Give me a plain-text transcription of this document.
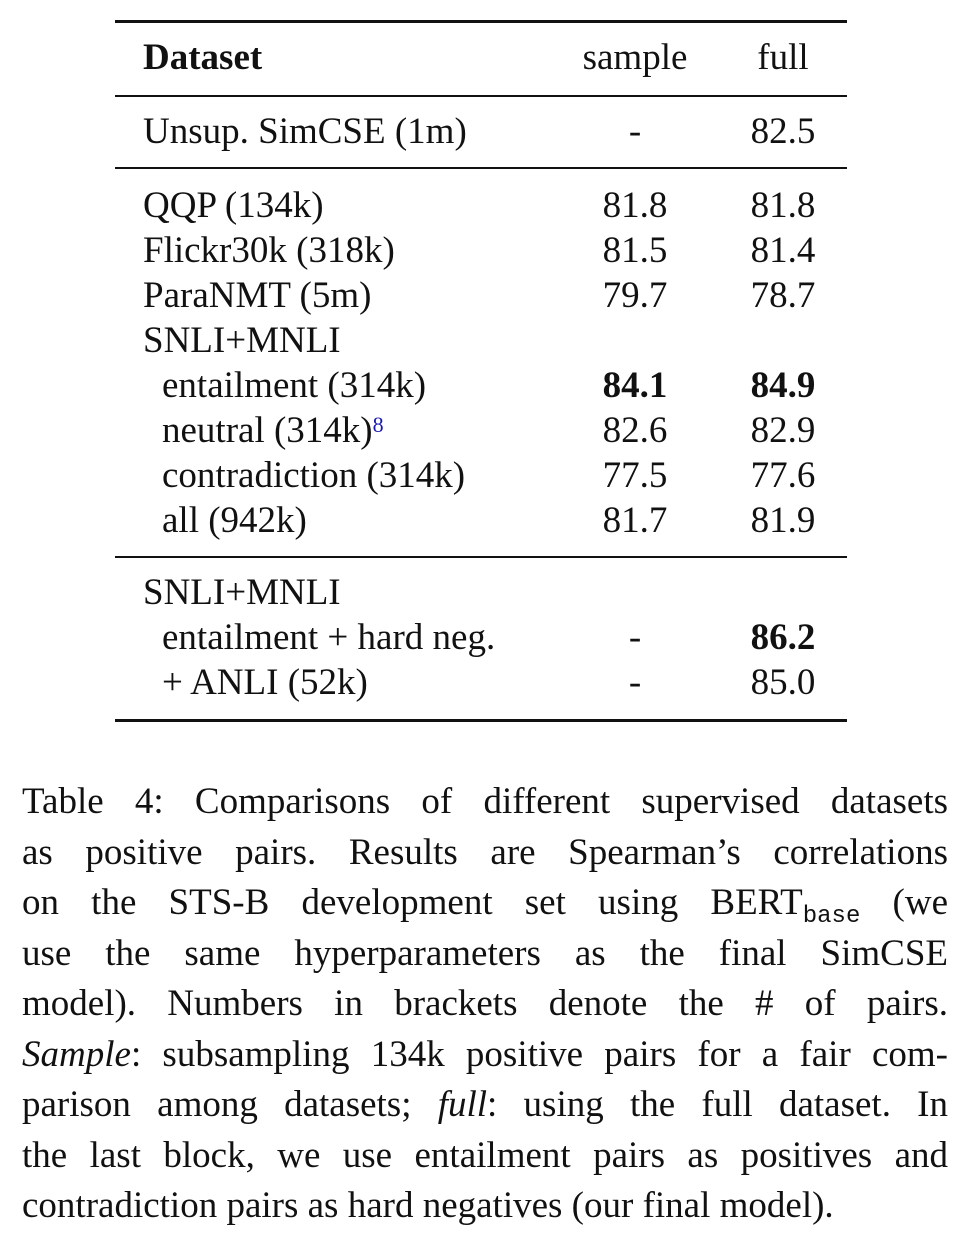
Dataset	sample	full
Unsup. SimCSE (1m)	-	82.5
QQP (134k)	81.8	81.8
Flickr30k (318k)	81.5	81.4
ParaNMT (5m)	79.7	78.7
SNLI+MNLI
entailment (314k)	84.1	84.9
neutral $(314k)^8$	82.6	82.9
contradiction (314k)	77.5	77.6
all (942k)	81.7	81.9
SNLI+MNLI
entailment + hard neg.	-	86.2
+ ANLI (52k)	-	85.0
Table 4: Comparisons of different supervised datasets
as positive pairs. Results are Spearman’s correlations
on the STS-B development set using $BERT_{base}$ (we
use the same hyperparameters as the final SimCSE
model). Numbers in brackets denote the # of pairs.
Sample: subsampling 134k positive pairs for a fair com-
parison among datasets; full: using the full dataset. In
the last block, we use entailment pairs as positives and
contradiction pairs as hard negatives (our final model).
